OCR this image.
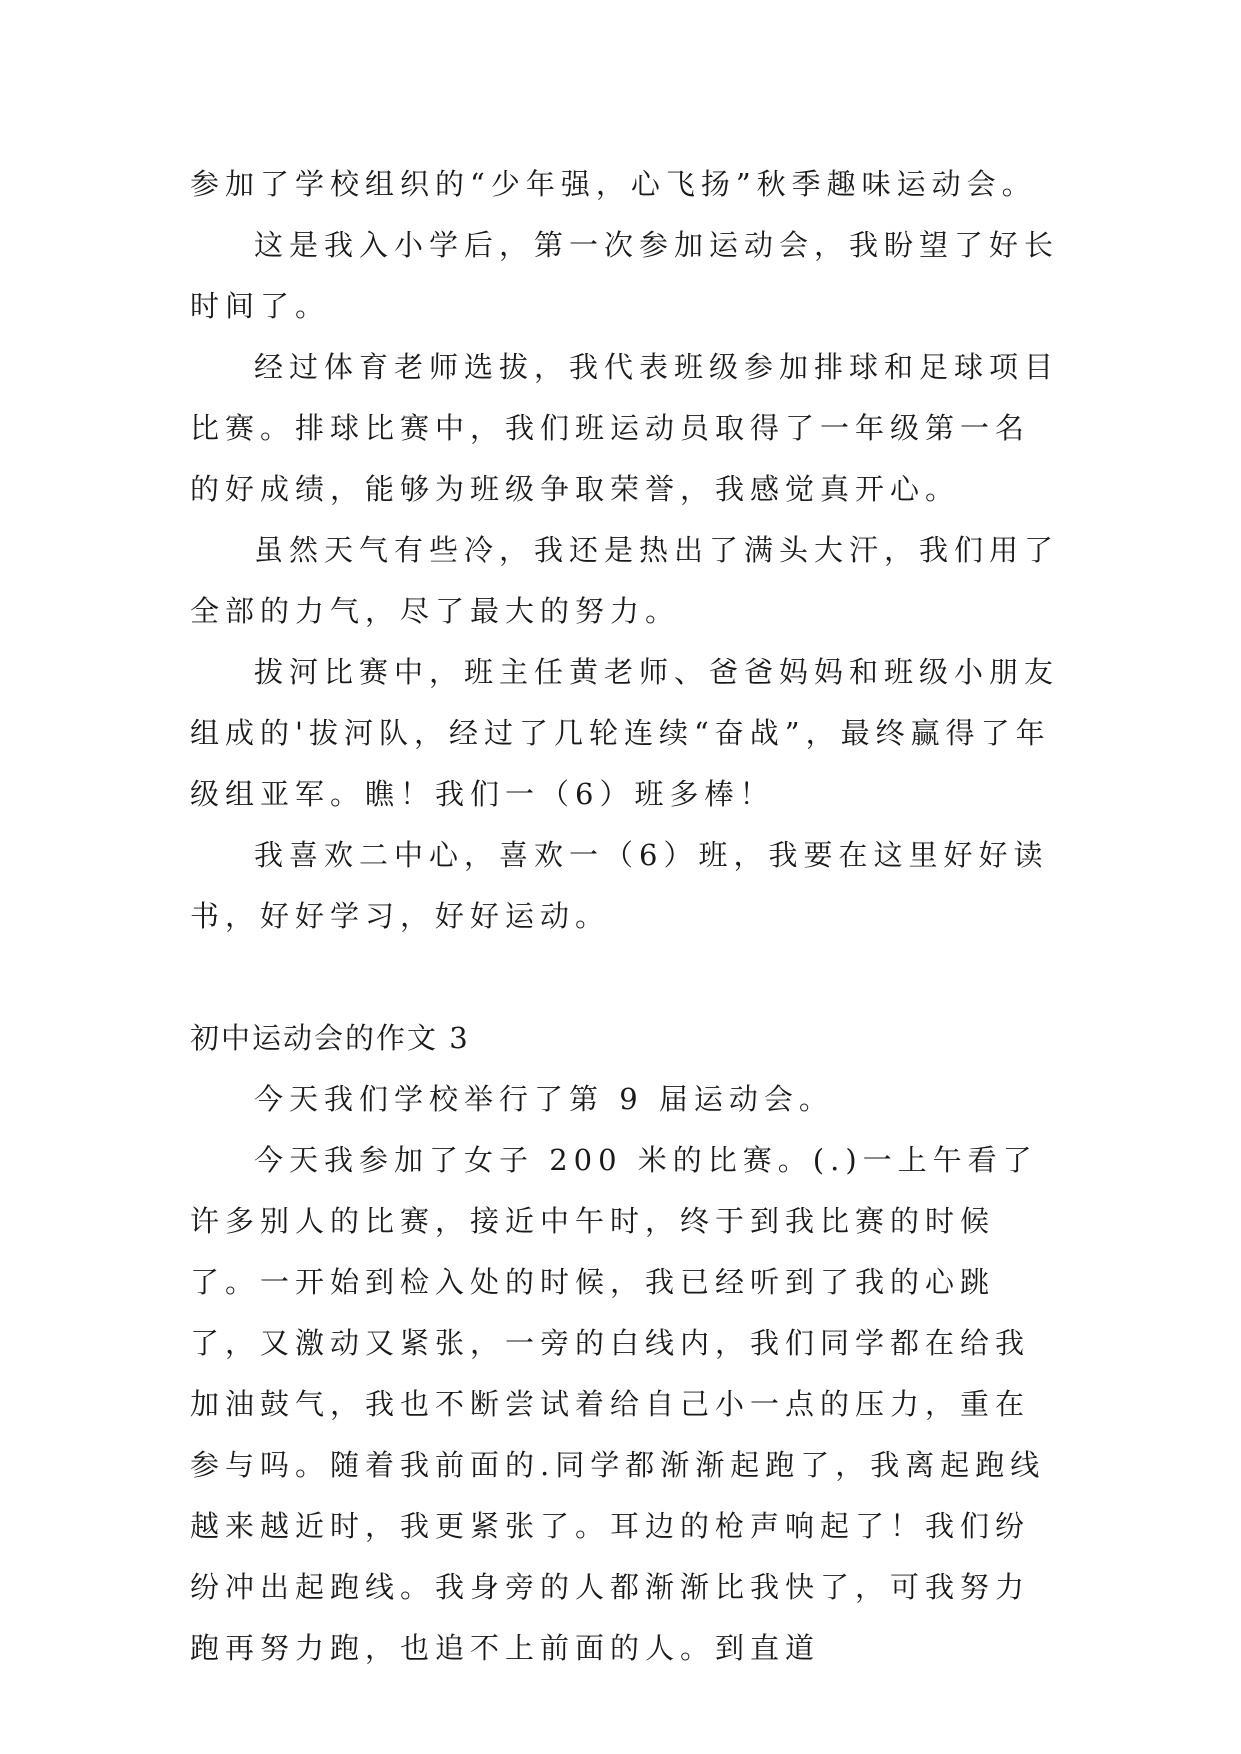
参加了学校组织的“少年强，心飞扬”秋季趣味运动会。

这是我入小学后，第一次参加运动会，我盼望了好长时间了。

经过体育老师选拔，我代表班级参加排球和足球项目比赛。排球比赛中，我们班运动员取得了一年级第一名的好成绩，能够为班级争取荣誉，我感觉真开心。

虽然天气有些冷，我还是热出了满头大汗，我们用了全部的力气，尽了最大的努力。

拔河比赛中，班主任黄老师、爸爸妈妈和班级小朋友组成的'拔河队，经过了几轮连续“奋战”，最终赢得了年级组亚军。瞧！我们一（6）班多棒！

我喜欢二中心，喜欢一（6）班，我要在这里好好读书，好好学习，好好运动。

初中运动会的作文 3

今天我们学校举行了第 9 届运动会。

今天我参加了女子 200 米的比赛。(.)一上午看了许多别人的比赛，接近中午时，终于到我比赛的时候了。一开始到检入处的时候，我已经听到了我的心跳了，又激动又紧张，一旁的白线内，我们同学都在给我加油鼓气，我也不断尝试着给自己小一点的压力，重在参与吗。随着我前面的.同学都渐渐起跑了，我离起跑线越来越近时，我更紧张了。耳边的枪声响起了！我们纷纷冲出起跑线。我身旁的人都渐渐比我快了，可我努力跑再努力跑，也追不上前面的人。到直道
